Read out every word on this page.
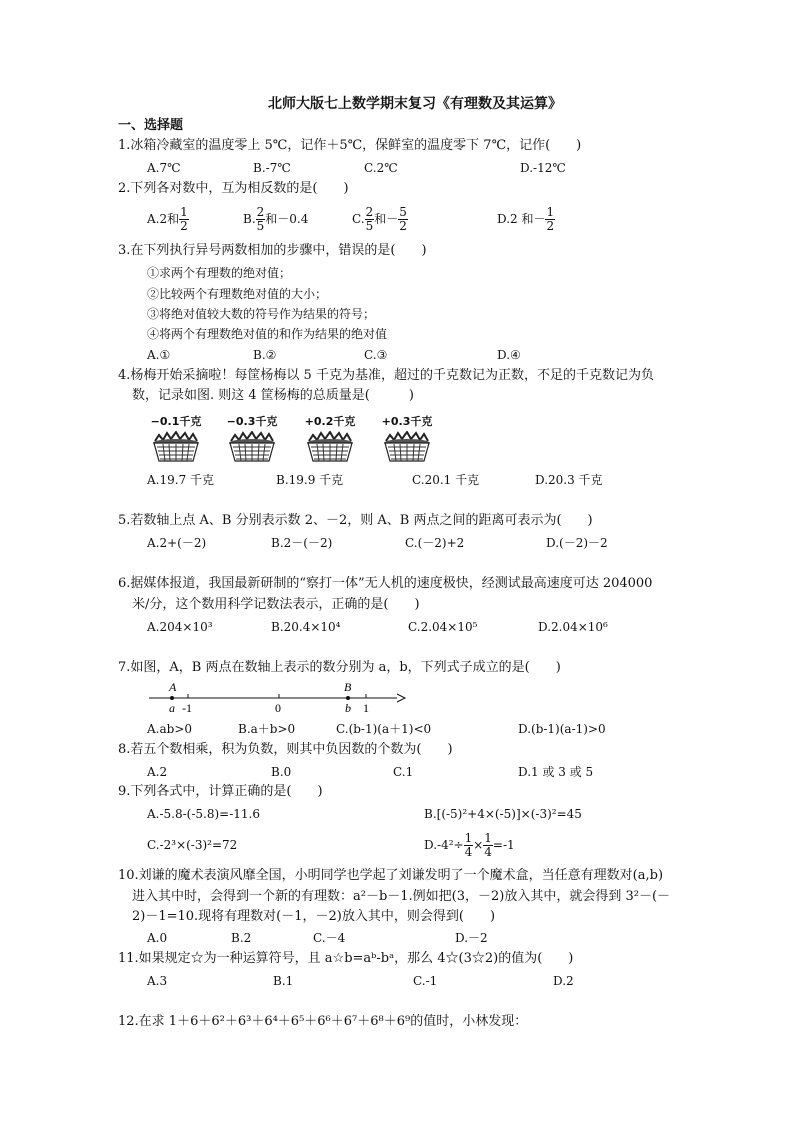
北师大版七上数学期末复习《有理数及其运算》
一、选择题
1.冰箱冷藏室的温度零上 5℃，记作＋5℃，保鲜室的温度零下 7℃，记作(　　)
A.7℃	B.-7℃	C.2℃	D.-12℃
2.下列各对数中，互为相反数的是(　　)
A.2和 $\frac{1}{2}$	B. $\frac{2}{5}$ 和－0.4	C. $\frac{2}{5}$ 和－ $\frac{5}{2}$	D.2 和－ $\frac{1}{2}$
3.在下列执行异号两数相加的步骤中，错误的是(　　)
①求两个有理数的绝对值；
②比较两个有理数绝对值的大小；
③将绝对值较大数的符号作为结果的符号；
④将两个有理数绝对值的和作为结果的绝对值
A.①	B.②	C.③	D.④
4.杨梅开始采摘啦！每筐杨梅以 5 千克为基准，超过的千克数记为正数，不足的千克数记为负
数，记录如图. 则这 4 筐杨梅的总质量是(　　　)
−0.1千克	−0.3千克	+0.2千克	+0.3千克
A.19.7 千克	B.19.9 千克	C.20.1 千克	D.20.3 千克
5.若数轴上点 A、B 分别表示数 2、－2，则 A、B 两点之间的距离可表示为(　　)
A.2+(－2)	B.2－(－2)	C.(－2)+2	D.(－2)－2
6.据媒体报道，我国最新研制的“察打一体”无人机的速度极快，经测试最高速度可达 204000
米/分，这个数用科学记数法表示，正确的是(　　)
A.204×10³	B.20.4×10⁴	C.2.04×10⁵	D.2.04×10⁶
7.如图，A，B 两点在数轴上表示的数分别为 a，b，下列式子成立的是(　　)
A
a -1	0
B
b 1
A.ab>0	B.a＋b>0	C.(b-1)(a＋1)<0	D.(b-1)(a-1)>0
8.若五个数相乘，积为负数，则其中负因数的个数为(　　)
A.2	B.0	C.1	D.1 或 3 或 5
9.下列各式中，计算正确的是(　　)
A.-5.8-(-5.8)=-11.6	B.[(-5)²+4×(-5)]×(-3)²=45
C.-2³×(-3)²=72	$D.-4^2\div \frac{1}{4} \times \frac{1}{4} =-1$
10.刘谦的魔术表演风靡全国，小明同学也学起了刘谦发明了一个魔术盒，当任意有理数对(a,b)
进入其中时，会得到一个新的有理数：a²－b－1.例如把(3，－2)放入其中，就会得到 3²－(－
2)－1=10.现将有理数对(－1，－2)放入其中，则会得到(　　)
A.0	B.2	C.－4	D.－2
11.如果规定☆为一种运算符号，且 a☆b=aᵇ-bᵃ，那么 4☆(3☆2)的值为(　　)
A.3	B.1	C.-1	D.2
12.在求 1＋6＋6²＋6³＋6⁴＋6⁵＋6⁶＋6⁷＋6⁸＋6⁹的值时，小林发现：
